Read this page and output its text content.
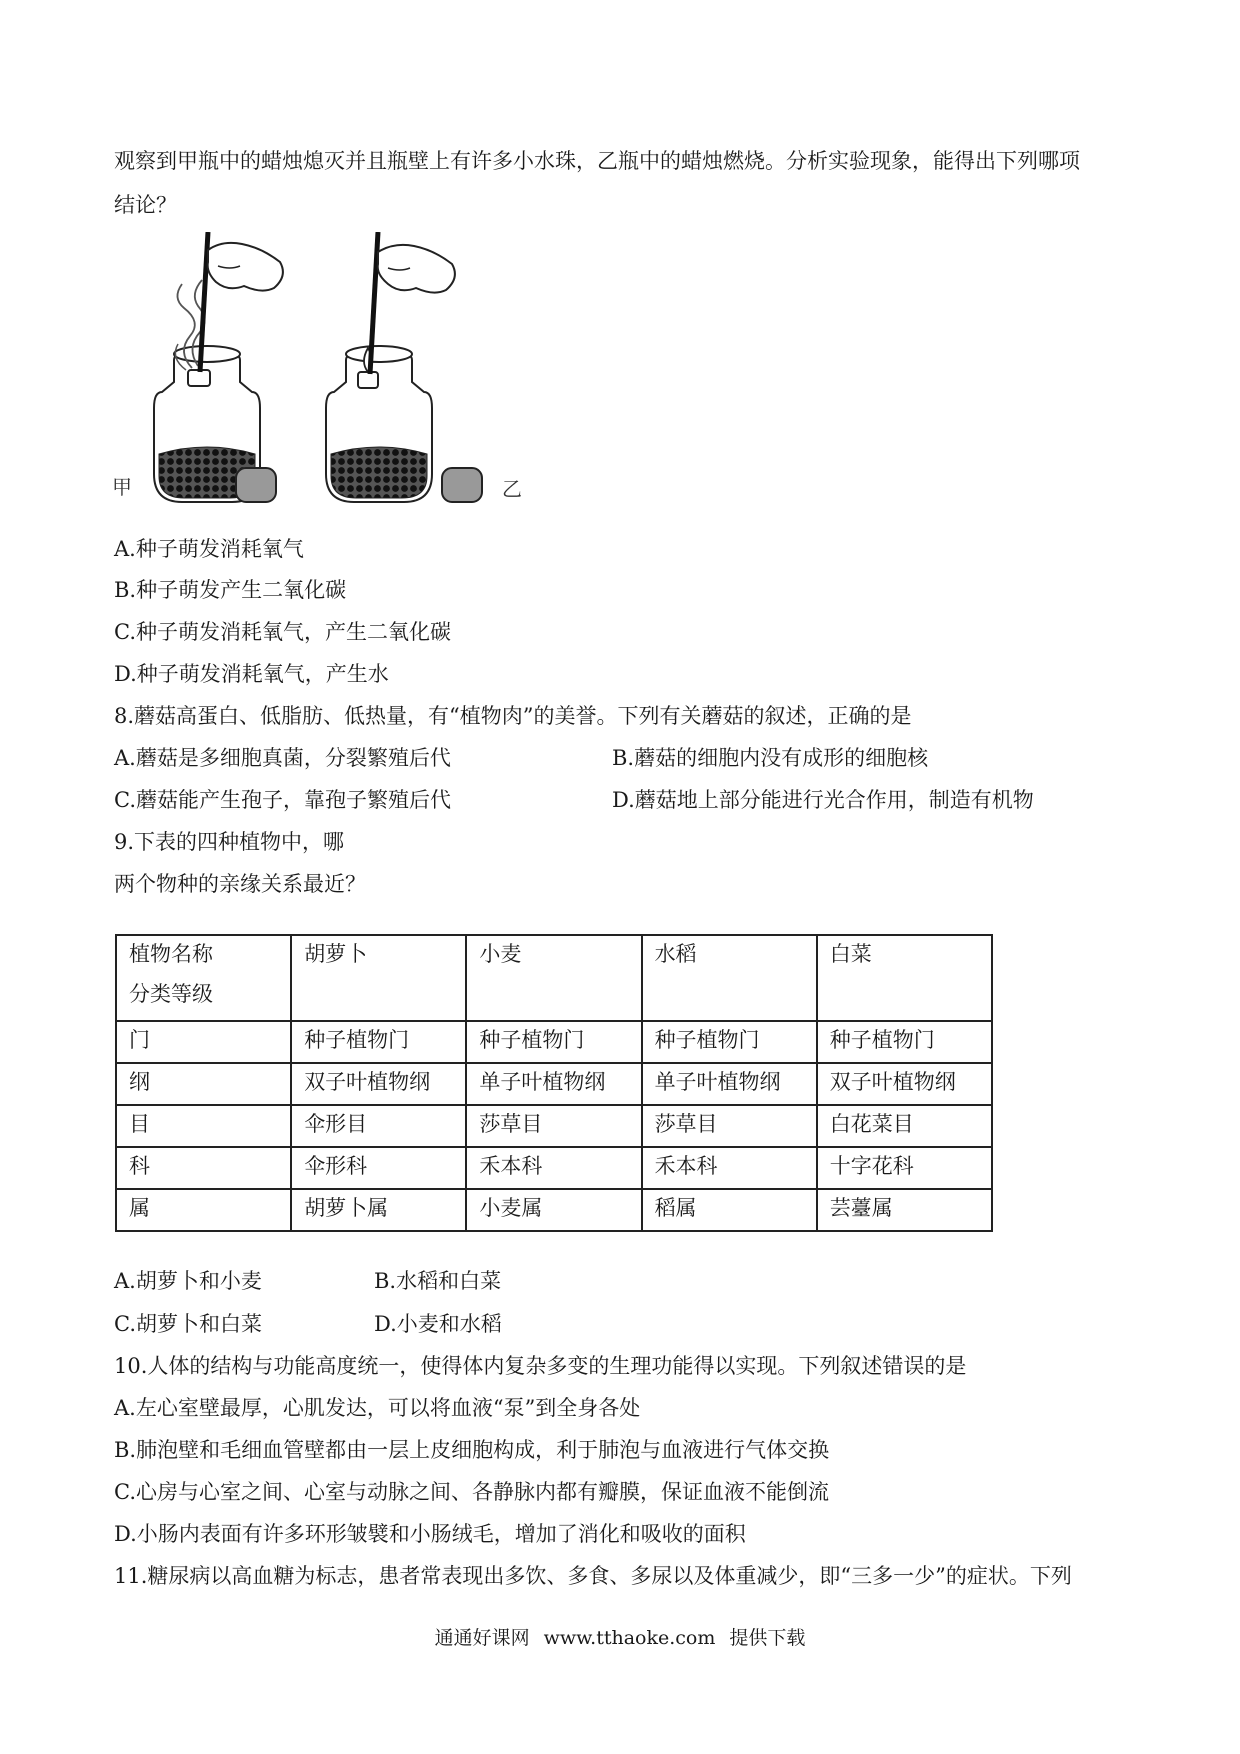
观察到甲瓶中的蜡烛熄灭并且瓶壁上有许多小水珠，乙瓶中的蜡烛燃烧。分析实验现象，能得出下列哪项
结论？
甲	乙
A.种子萌发消耗氧气
B.种子萌发产生二氧化碳
C.种子萌发消耗氧气，产生二氧化碳
D.种子萌发消耗氧气，产生水
8.蘑菇高蛋白、低脂肪、低热量，有“植物肉”的美誉。下列有关蘑菇的叙述，正确的是
A.蘑菇是多细胞真菌，分裂繁殖后代	B.蘑菇的细胞内没有成形的细胞核
C.蘑菇能产生孢子，靠孢子繁殖后代	D.蘑菇地上部分能进行光合作用，制造有机物
9.下表的四种植物中，哪
两个物种的亲缘关系最近？
植物名称
分类等级	胡萝卜	小麦	水稻	白菜
门	种子植物门	种子植物门	种子植物门	种子植物门
纲	双子叶植物纲	单子叶植物纲	单子叶植物纲	双子叶植物纲
目	伞形目	莎草目	莎草目	白花菜目
科	伞形科	禾本科	禾本科	十字花科
属	胡萝卜属	小麦属	稻属	芸薹属
A.胡萝卜和小麦	B.水稻和白菜
C.胡萝卜和白菜	D.小麦和水稻
10.人体的结构与功能高度统一，使得体内复杂多变的生理功能得以实现。下列叙述错误的是
A.左心室壁最厚，心肌发达，可以将血液“泵”到全身各处
B.肺泡壁和毛细血管壁都由一层上皮细胞构成，利于肺泡与血液进行气体交换
C.心房与心室之间、心室与动脉之间、各静脉内都有瓣膜，保证血液不能倒流
D.小肠内表面有许多环形皱襞和小肠绒毛，增加了消化和吸收的面积
11.糖尿病以高血糖为标志，患者常表现出多饮、多食、多尿以及体重减少，即“三多一少”的症状。下列
通通好课网 www.tthaoke.com 提供下载
